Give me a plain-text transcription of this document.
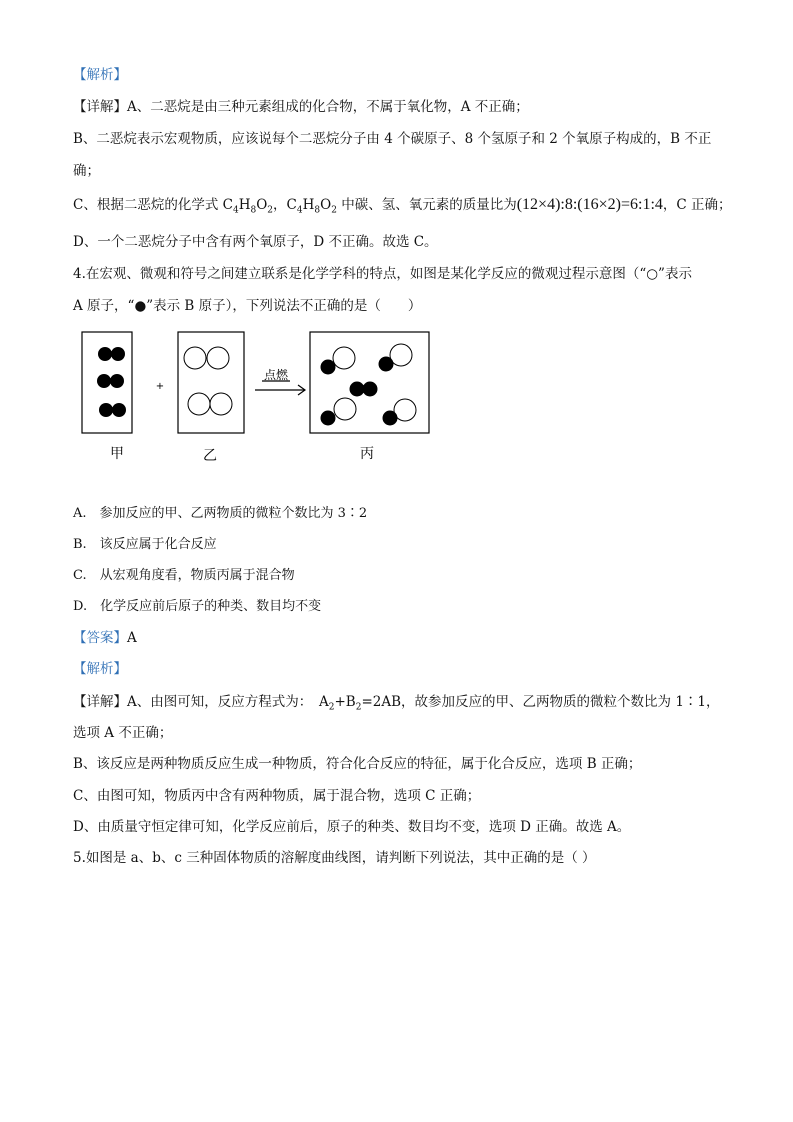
【解析】
【详解】A、二恶烷是由三种元素组成的化合物，不属于氧化物，A 不正确；
B、二恶烷表示宏观物质，应该说每个二恶烷分子由 4 个碳原子、8 个氢原子和 2 个氧原子构成的，B 不正
确；
C、根据二恶烷的化学式 $C_4H_8O_2$，$C_4H_8O_2$ 中碳、氢、氧元素的质量比为(12×4):8:(16×2)=6:1:4，C 正确；
D、一个二恶烷分子中含有两个氧原子，D 不正确。故选 C。
4.在宏观、微观和符号之间建立联系是化学学科的特点，如图是某化学反应的微观过程示意图（“○”表示
A 原子，“●”表示 B 原子），下列说法不正确的是（　　）
+
点燃
甲	乙	丙
A.　参加反应的甲、乙两物质的微粒个数比为 3∶2
B.　该反应属于化合反应
C.　从宏观角度看，物质丙属于混合物
D.　化学反应前后原子的种类、数目均不变
【答案】A
【解析】
【详解】A、由图可知，反应方程式为：　$A_2+B_2=2AB$，故参加反应的甲、乙两物质的微粒个数比为 1∶1，
选项 A 不正确；
B、该反应是两种物质反应生成一种物质，符合化合反应的特征，属于化合反应，选项 B 正确；
C、由图可知，物质丙中含有两种物质，属于混合物，选项 C 正确；
D、由质量守恒定律可知，化学反应前后，原子的种类、数目均不变，选项 D 正确。故选 A。
5.如图是 a、b、c 三种固体物质的溶解度曲线图，请判断下列说法，其中正确的是（ ）
